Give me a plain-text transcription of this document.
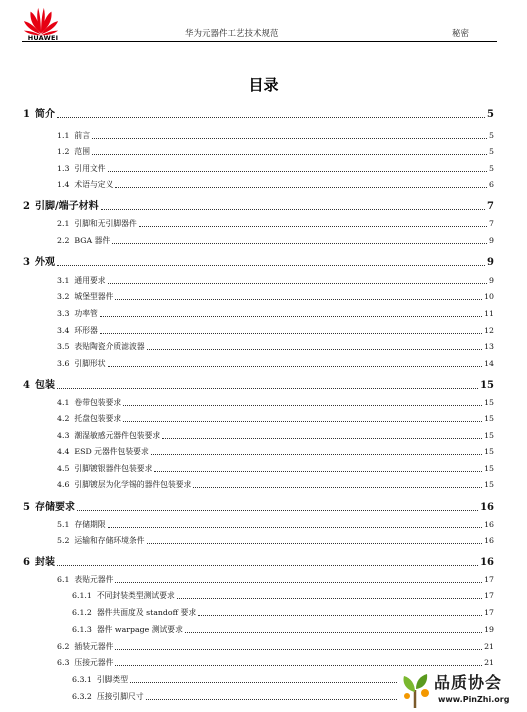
HUAWEI	华为元器件工艺技术规范	秘密
目录
1 简介	5
1.1 前言	5
1.2 范围	5
1.3 引用文件	5
1.4 术语与定义	6
2 引脚/端子材料	7
2.1 引脚和无引脚器件	7
2.2 BGA 器件	9
3 外观	9
3.1 通用要求	9
3.2 城堡型器件	10
3.3 功率管	11
3.4 环形器	12
3.5 表贴陶瓷介质滤波器	13
3.6 引脚形状	14
4 包装	15
4.1 卷带包装要求	15
4.2 托盘包装要求	15
4.3 潮湿敏感元器件包装要求	15
4.4 ESD 元器件包装要求	15
4.5 引脚镀银器件包装要求	15
4.6 引脚镀层为化学锡的器件包装要求	15
5 存储要求	16
5.1 存储期限	16
5.2 运输和存储环境条件	16
6 封装	16
6.1 表贴元器件	17
6.1.1 不同封装类型测试要求	17
6.1.2 器件共面度及 standoff 要求	17
6.1.3 器件 warpage 测试要求	19
6.2 插装元器件	21
6.3 压接元器件	21
6.3.1 引脚类型
6.3.2 压接引脚尺寸
品质协会
www.PinZhi.org
